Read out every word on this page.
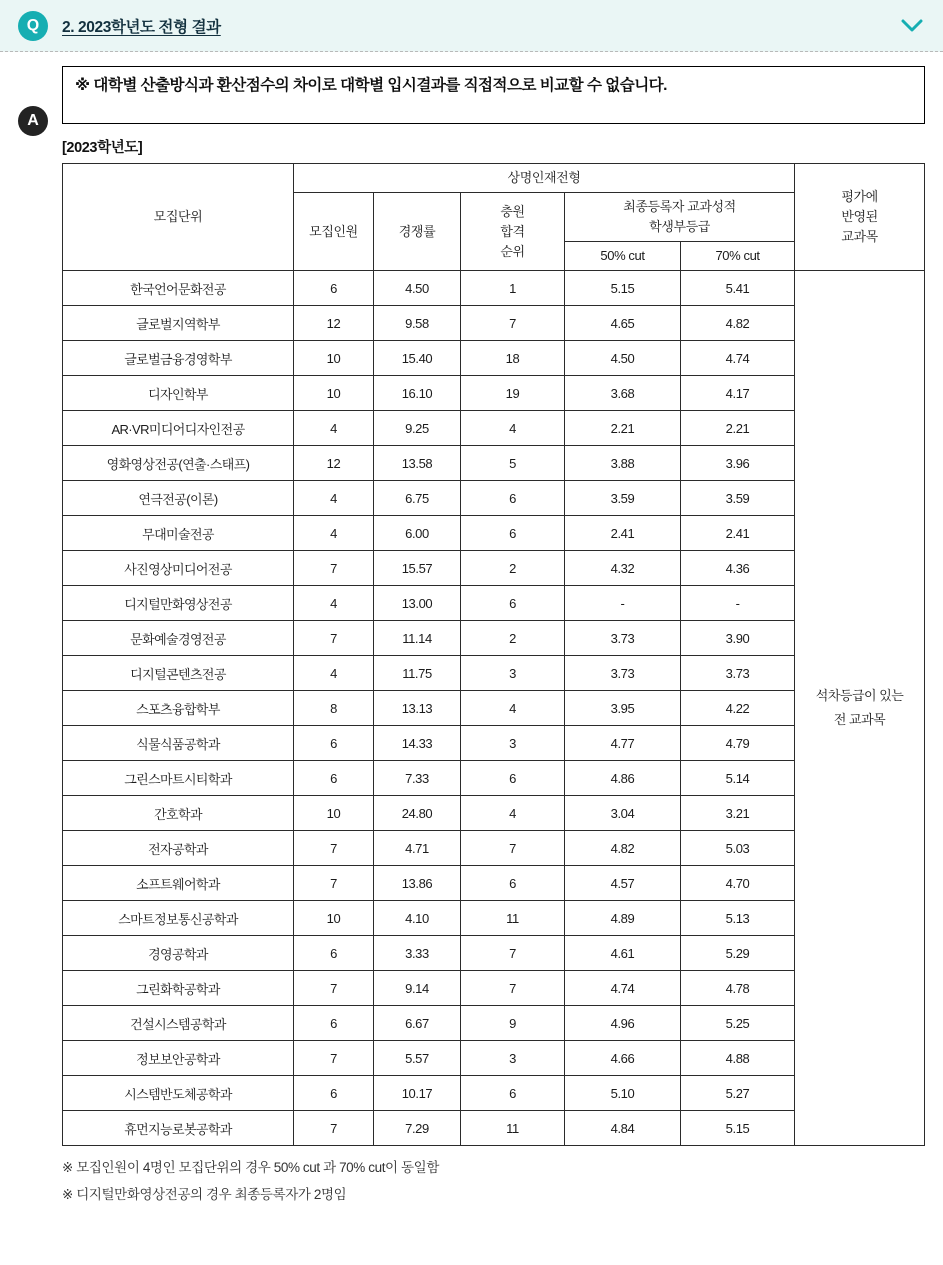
Q	2. 2023학년도 전형 결과
A
※ 대학별 산출방식과 환산점수의 차이로 대학별 입시결과를 직접적으로 비교할 수 없습니다.
[2023학년도]
모집단위	상명인재전형					평가에
반영된
교과목
	모집인원	경쟁률	충원
합격
순위	최종등록자 교과성적
학생부등급		
				50% cut	70% cut	
한국언어문화전공	6	4.50	1	5.15	5.41	석차등급이 있는
전 교과목
글로벌지역학부	12	9.58	7	4.65	4.82	
글로벌금융경영학부	10	15.40	18	4.50	4.74	
디자인학부	10	16.10	19	3.68	4.17	
AR·VR미디어디자인전공	4	9.25	4	2.21	2.21	
영화영상전공(연출·스태프)	12	13.58	5	3.88	3.96	
연극전공(이론)	4	6.75	6	3.59	3.59	
무대미술전공	4	6.00	6	2.41	2.41	
사진영상미디어전공	7	15.57	2	4.32	4.36	
디지털만화영상전공	4	13.00	6	-	-	
문화예술경영전공	7	11.14	2	3.73	3.90	
디지털콘텐츠전공	4	11.75	3	3.73	3.73	
스포츠융합학부	8	13.13	4	3.95	4.22	
식물식품공학과	6	14.33	3	4.77	4.79	
그린스마트시티학과	6	7.33	6	4.86	5.14	
간호학과	10	24.80	4	3.04	3.21	
전자공학과	7	4.71	7	4.82	5.03	
소프트웨어학과	7	13.86	6	4.57	4.70	
스마트정보통신공학과	10	4.10	11	4.89	5.13	
경영공학과	6	3.33	7	4.61	5.29	
그린화학공학과	7	9.14	7	4.74	4.78	
건설시스템공학과	6	6.67	9	4.96	5.25	
정보보안공학과	7	5.57	3	4.66	4.88	
시스템반도체공학과	6	10.17	6	5.10	5.27	
휴먼지능로봇공학과	7	7.29	11	4.84	5.15	
※ 모집인원이 4명인 모집단위의 경우 50% cut 과 70% cut이 동일함
※ 디지털만화영상전공의 경우 최종등록자가 2명임
